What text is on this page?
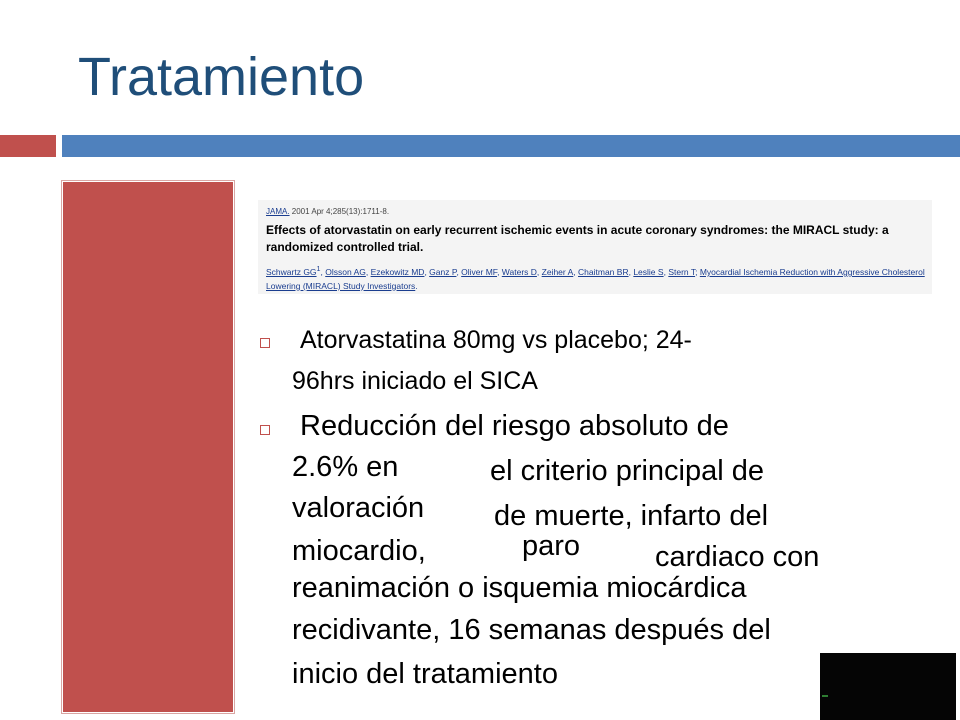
Tratamiento
JAMA. 2001 Apr 4;285(13):1711-8.
Effects of atorvastatin on early recurrent ischemic events in acute coronary syndromes: the MIRACL study: a randomized controlled trial.
Schwartz $GG^1$, Olsson AG, Ezekowitz MD, Ganz P, Oliver MF, Waters D, Zeiher A, Chaitman BR, Leslie S, Stern T; Myocardial Ischemia Reduction with Aggressive Cholesterol Lowering (MIRACL) Study Investigators.
Atorvastatina 80mg vs placebo; 24-
96hrs iniciado el SICA
Reducción del riesgo absoluto de
2.6% en	el criterio principal de
valoración de muerte, infarto del
miocardio,	paro	cardiaco con
reanimación o isquemia miocárdica
recidivante, 16 semanas después del
inicio del tratamiento
